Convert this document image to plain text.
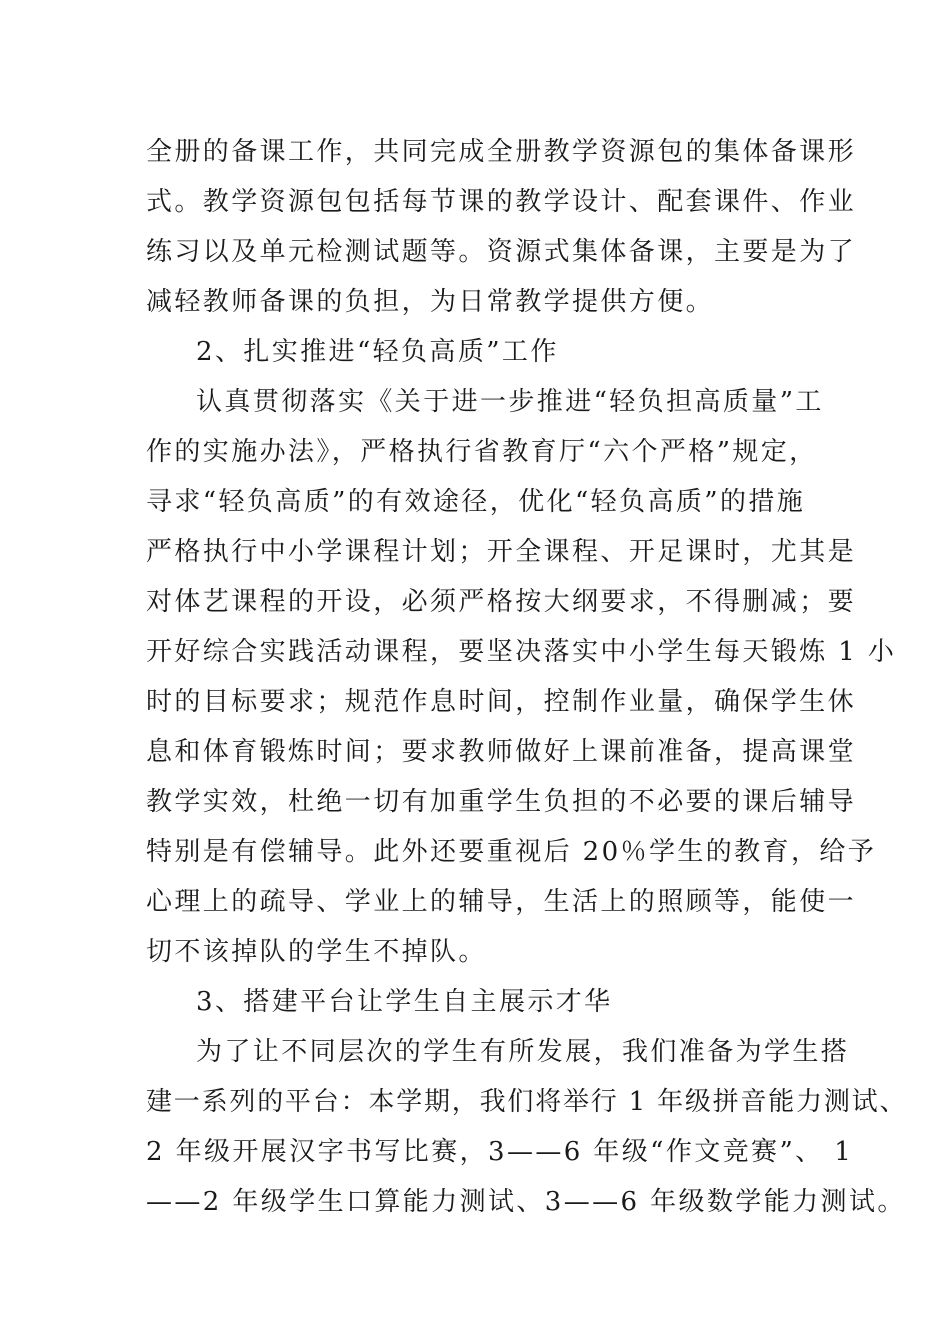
全册的备课工作，共同完成全册教学资源包的集体备课形
式。教学资源包包括每节课的教学设计、配套课件、作业
练习以及单元检测试题等。资源式集体备课，主要是为了
减轻教师备课的负担，为日常教学提供方便。
2、扎实推进“轻负高质”工作
认真贯彻落实《关于进一步推进“轻负担高质量”工
作的实施办法》，严格执行省教育厅“六个严格”规定，
寻求“轻负高质”的有效途径，优化“轻负高质”的措施
严格执行中小学课程计划；开全课程、开足课时，尤其是
对体艺课程的开设，必须严格按大纲要求，不得删减；要
开好综合实践活动课程，要坚决落实中小学生每天锻炼 1 小
时的目标要求；规范作息时间，控制作业量，确保学生休
息和体育锻炼时间；要求教师做好上课前准备，提高课堂
教学实效，杜绝一切有加重学生负担的不必要的课后辅导
特别是有偿辅导。此外还要重视后 20％学生的教育，给予
心理上的疏导、学业上的辅导，生活上的照顾等，能使一
切不该掉队的学生不掉队。
3、搭建平台让学生自主展示才华
为了让不同层次的学生有所发展，我们准备为学生搭
建一系列的平台：本学期，我们将举行 1 年级拼音能力测试、
2 年级开展汉字书写比赛，3——6 年级“作文竞赛”、 1
——2 年级学生口算能力测试、3——6 年级数学能力测试。
